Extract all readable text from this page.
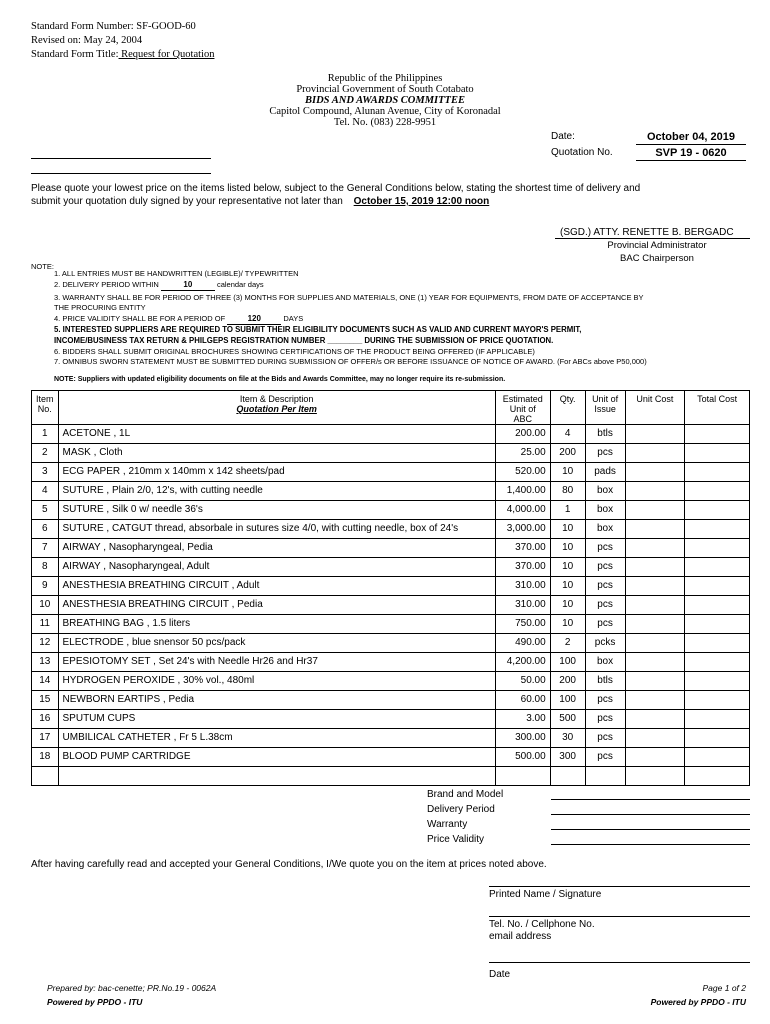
Standard Form Number: SF-GOOD-60
Revised on: May 24, 2004
Standard Form Title: Request for Quotation
Republic of the Philippines
Provincial Government of South Cotabato
BIDS AND AWARDS COMMITTEE
Capitol Compound, Alunan Avenue, City of Koronadal
Tel. No. (083) 228-9951
Date:	October 04, 2019
Quotation No.	SVP 19 - 0620
Please quote your lowest price on the items listed below, subject to the General Conditions below, stating the shortest time of delivery and
submit your quotation duly signed by your representative not later than October 15, 2019 12:00 noon
(SGD.) ATTY. RENETTE B. BERGADC
Provincial Administrator
BAC Chairperson
NOTE:
1. ALL ENTRIES MUST BE HANDWRITTEN (LEGIBLE)/ TYPEWRITTEN
2. DELIVERY PERIOD WITHIN	10	calendar days
3. WARRANTY SHALL BE FOR PERIOD OF THREE (3) MONTHS FOR SUPPLIES AND MATERIALS, ONE (1) YEAR FOR EQUIPMENTS, FROM DATE OF ACCEPTANCE BY
THE PROCURING ENTITY
4. PRICE VALIDITY SHALL BE FOR A PERIOD OF	120	DAYS
5. INTERESTED SUPPLIERS ARE REQUIRED TO SUBMIT THEIR ELIGIBILITY DOCUMENTS SUCH AS VALID AND CURRENT MAYOR'S PERMIT,
INCOME/BUSINESS TAX RETURN & PHILGEPS REGISTRATION NUMBER ________ DURING THE SUBMISSION OF PRICE QUOTATION.
6. BIDDERS SHALL SUBMIT ORIGINAL BROCHURES SHOWING CERTIFICATIONS OF THE PRODUCT BEING OFFERED (IF APPLICABLE)
7. OMNIBUS SWORN STATEMENT MUST BE SUBMITTED DURING SUBMISSION OF OFFER/s OR BEFORE ISSUANCE OF NOTICE OF AWARD. (For ABCs above P50,000)
NOTE: Suppliers with updated eligibility documents on file at the Bids and Awards Committee, may no longer require its re-submission.
Item No.	Item & Description
Quotation Per Item	Estimated Unit of ABC	Qty.	Unit of Issue	Unit Cost	Total Cost
1	ACETONE , 1L	200.00	4	btls		
2	MASK , Cloth	25.00	200	pcs		
3	ECG PAPER , 210mm x 140mm x 142 sheets/pad	520.00	10	pads		
4	SUTURE , Plain 2/0, 12's, with cutting needle	1,400.00	80	box		
5	SUTURE , Silk 0 w/ needle 36's	4,000.00	1	box		
6	SUTURE , CATGUT thread, absorbale in sutures size 4/0, with cutting needle, box of 24's	3,000.00	10	box		
7	AIRWAY , Nasopharyngeal, Pedia	370.00	10	pcs		
8	AIRWAY , Nasopharyngeal, Adult	370.00	10	pcs		
9	ANESTHESIA BREATHING CIRCUIT , Adult	310.00	10	pcs		
10	ANESTHESIA BREATHING CIRCUIT , Pedia	310.00	10	pcs		
11	BREATHING BAG , 1.5 liters	750.00	10	pcs		
12	ELECTRODE , blue snensor 50 pcs/pack	490.00	2	pcks		
13	EPESIOTOMY SET , Set 24's with Needle Hr26 and Hr37	4,200.00	100	box		
14	HYDROGEN PEROXIDE , 30% vol., 480ml	50.00	200	btls		
15	NEWBORN EARTIPS , Pedia	60.00	100	pcs		
16	SPUTUM CUPS	3.00	500	pcs		
17	UMBILICAL CATHETER , Fr 5 L.38cm	300.00	30	pcs		
18	BLOOD PUMP CARTRIDGE	500.00	300	pcs		

Brand and Model
Delivery Period
Warranty
Price Validity
After having carefully read and accepted your General Conditions, I/We quote you on the item at prices noted above.
Printed Name / Signature
Tel. No. / Cellphone No.
email address
Date
Prepared by: bac-cenette; PR.No.19 - 0062A
Powered by PPDO - ITU
Page 1 of 2
Powered by PPDO - ITU
